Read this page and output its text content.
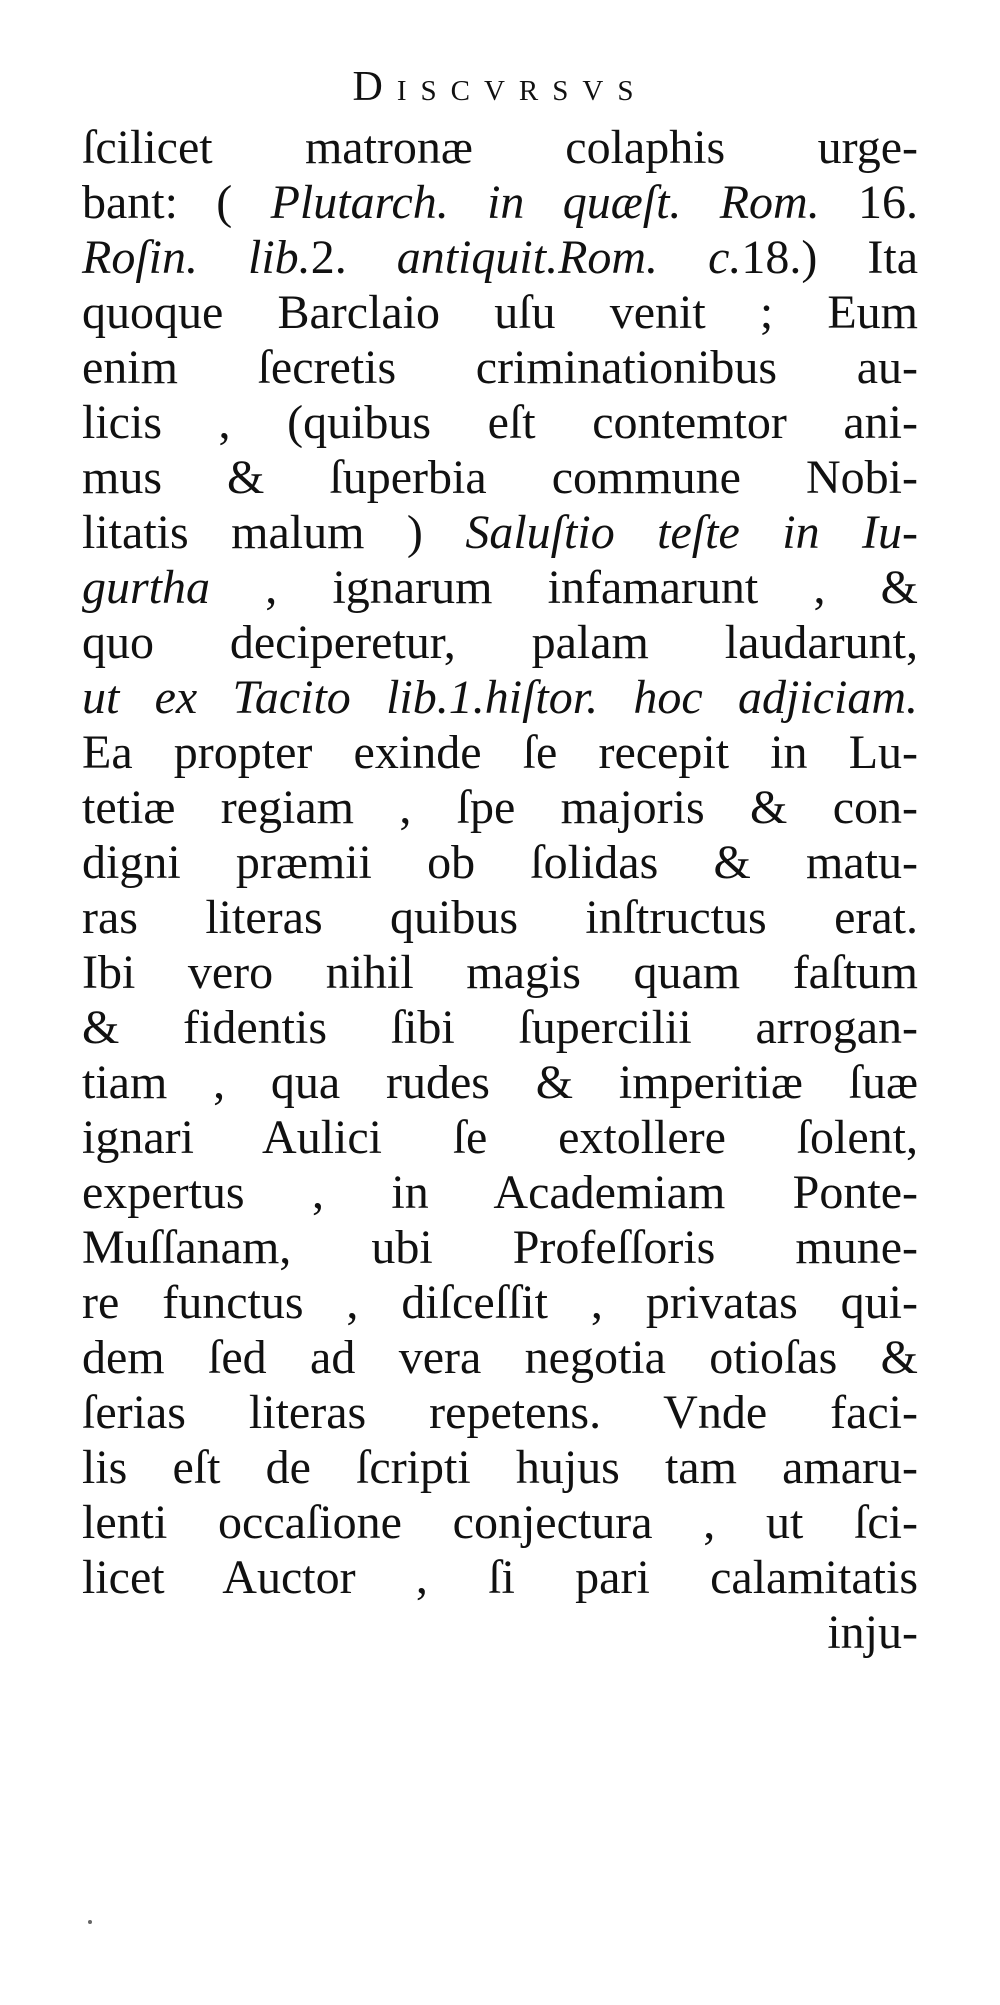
Discvrsvs
ſcilicet matronæ colaphis urge-
bant: ( Plutarch. in quæſt. Rom. 16.
Roſin. lib.2. antiquit.Rom. c.18.) Ita
quoque Barclaio uſu venit ; Eum
enim ſecretis criminationibus au-
licis , (quibus eſt contemtor ani-
mus & ſuperbia commune Nobi-
litatis malum ) Saluſtio teſte in Iu-
gurtha , ignarum infamarunt , &
quo deciperetur, palam laudarunt,
ut ex Tacito lib.1.hiſtor. hoc adjiciam.
Ea propter exinde ſe recepit in Lu-
tetiæ regiam , ſpe majoris & con-
digni præmii ob ſolidas & matu-
ras literas quibus inſtructus erat.
Ibi vero nihil magis quam faſtum
& fidentis ſibi ſupercilii arrogan-
tiam , qua rudes & imperitiæ ſuæ
ignari Aulici ſe extollere ſolent,
expertus , in Academiam Ponte-
Muſſanam, ubi Profeſſoris mune-
re functus , diſceſſit , privatas qui-
dem ſed ad vera negotia otioſas &
ſerias literas repetens. Vnde faci-
lis eſt de ſcripti hujus tam amaru-
lenti occaſione conjectura , ut ſci-
licet Auctor , ſi pari calamitatis
inju-
